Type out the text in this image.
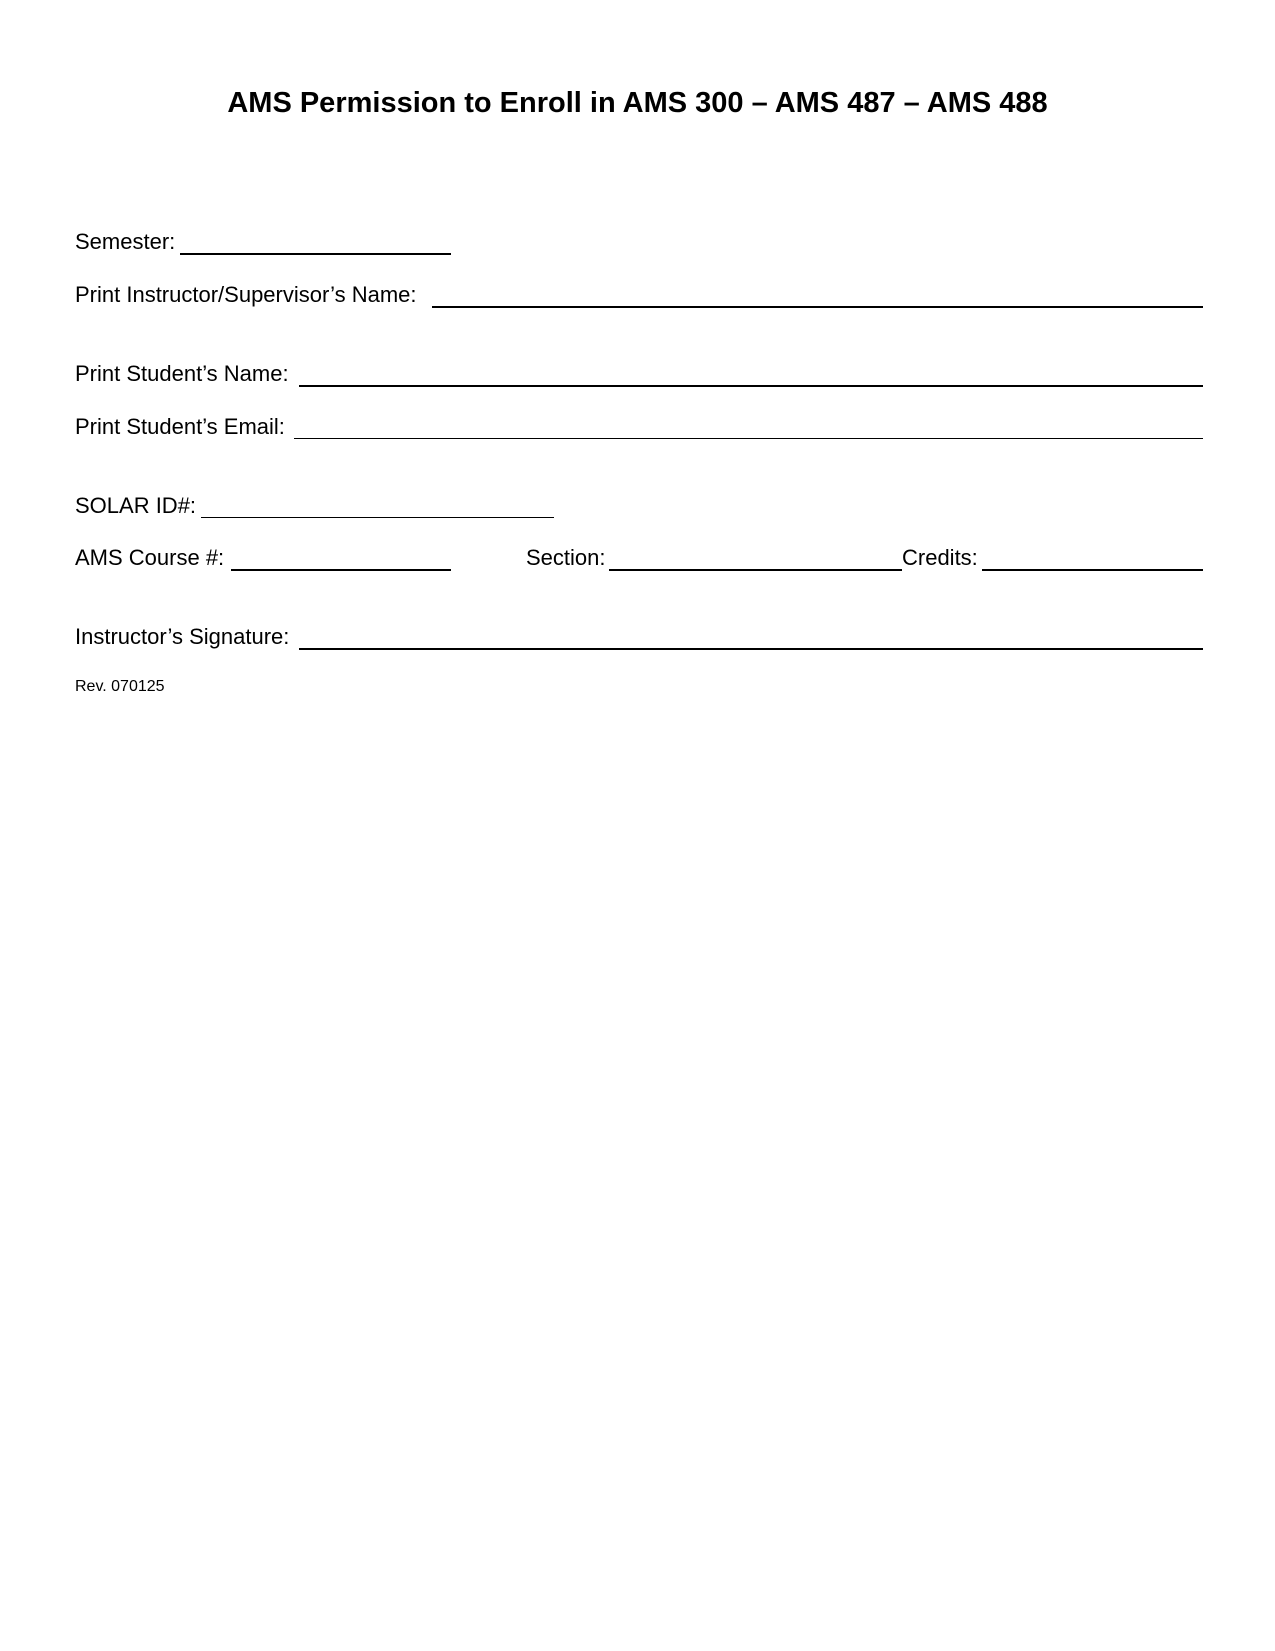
AMS Permission to Enroll in AMS 300 – AMS 487 – AMS 488
Semester:
Print Instructor/Supervisor’s Name:
Print Student’s Name:
Print Student’s Email:
SOLAR ID#:
AMS Course #:	Section:	Credits:
Instructor’s Signature:
Rev. 070125
